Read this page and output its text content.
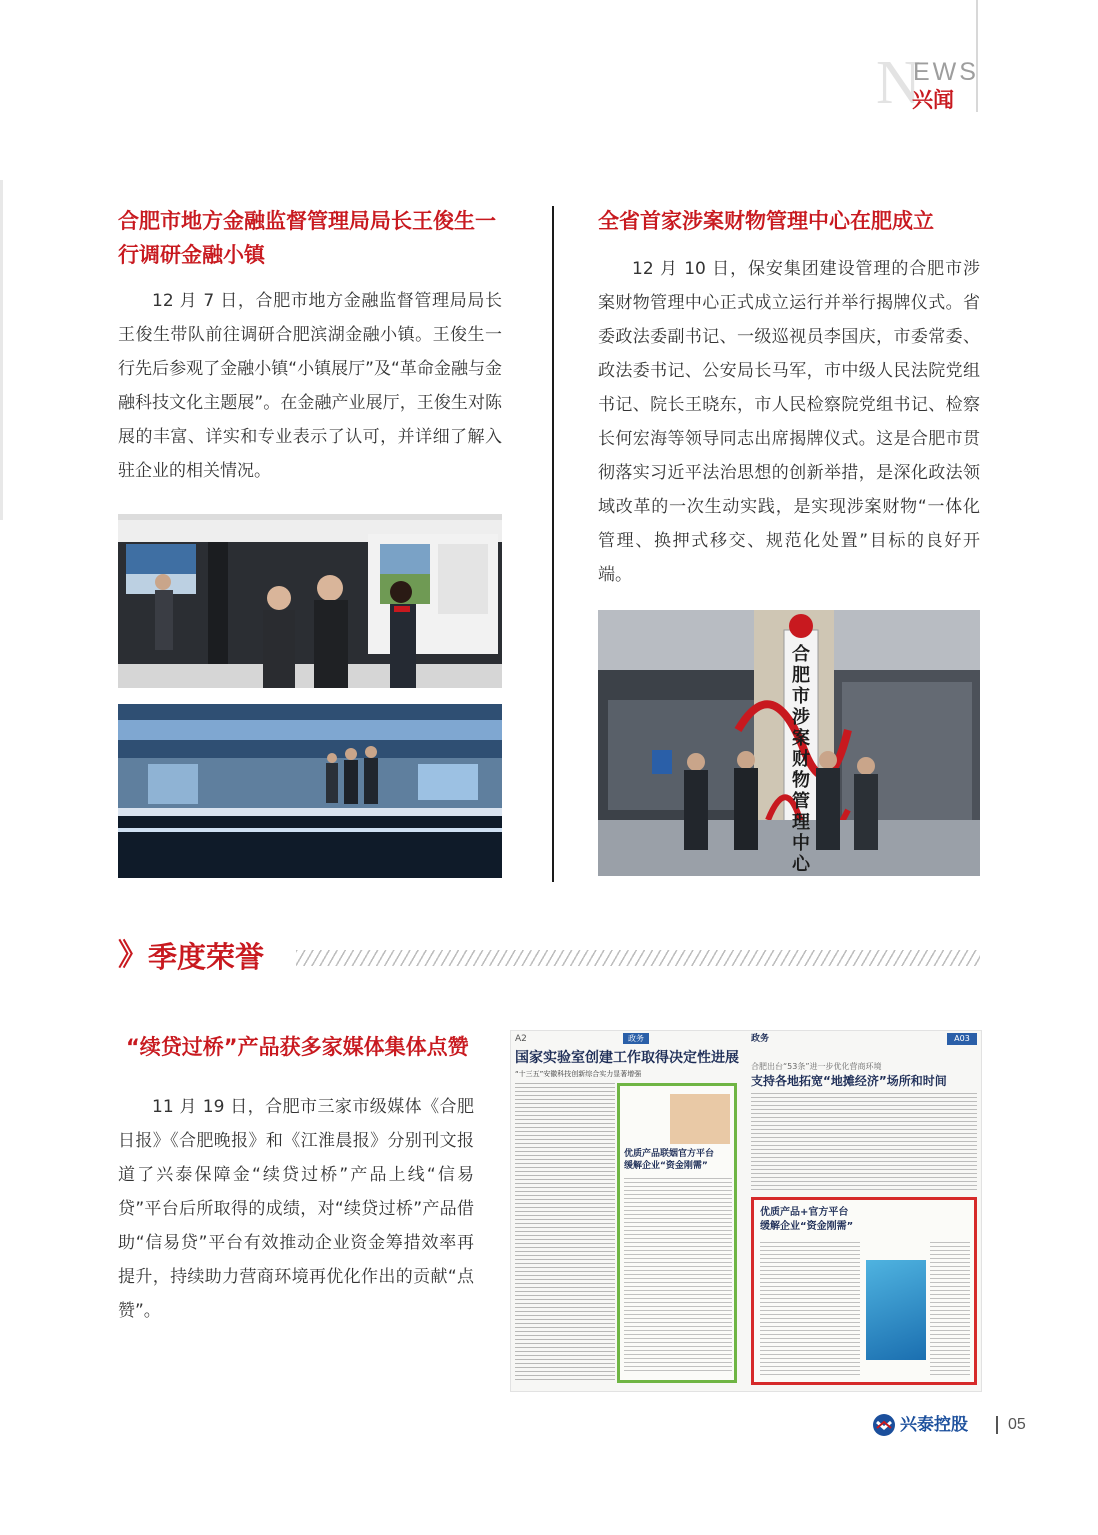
N
EWS
兴闻
合肥市地方金融监督管理局局长王俊生一
行调研金融小镇
12 月 7 日，合肥市地方金融监督管理局局长王俊生带队前往调研合肥滨湖金融小镇。王俊生一行先后参观了金融小镇“小镇展厅”及“革命金融与金融科技文化主题展”。在金融产业展厅，王俊生对陈展的丰富、详实和专业表示了认可，并详细了解入驻企业的相关情况。
全省首家涉案财物管理中心在肥成立
12 月 10 日，保安集团建设管理的合肥市涉案财物管理中心正式成立运行并举行揭牌仪式。省委政法委副书记、一级巡视员李国庆，市委常委、政法委书记、公安局长马军，市中级人民法院党组书记、院长王晓东，市人民检察院党组书记、检察长何宏海等领导同志出席揭牌仪式。这是合肥市贯彻落实习近平法治思想的创新举措，是深化政法领域改革的一次生动实践，是实现涉案财物“一体化管理、换押式移交、规范化处置”目标的良好开端。
合肥市涉案财物管理中心
》 季度荣誉
“续贷过桥”产品获多家媒体集体点赞
11 月 19 日，合肥市三家市级媒体《合肥日报》《合肥晚报》和《江淮晨报》分别刊文报道了兴泰保障金“续贷过桥”产品上线“信易贷”平台后所取得的成绩，对“续贷过桥”产品借助“信易贷”平台有效推动企业资金筹措效率再提升，持续助力营商环境再优化作出的贡献“点赞”。
A2	政务
国家实验室创建工作取得决定性进展
“十三五”安徽科技创新综合实力显著增强
优质产品联姻官方平台
缓解企业“资金刚需”
政务	A03
合肥出台“53条”进一步优化营商环境
支持各地拓宽“地摊经济”场所和时间
优质产品+官方平台
缓解企业“资金刚需”
兴泰控股	05
